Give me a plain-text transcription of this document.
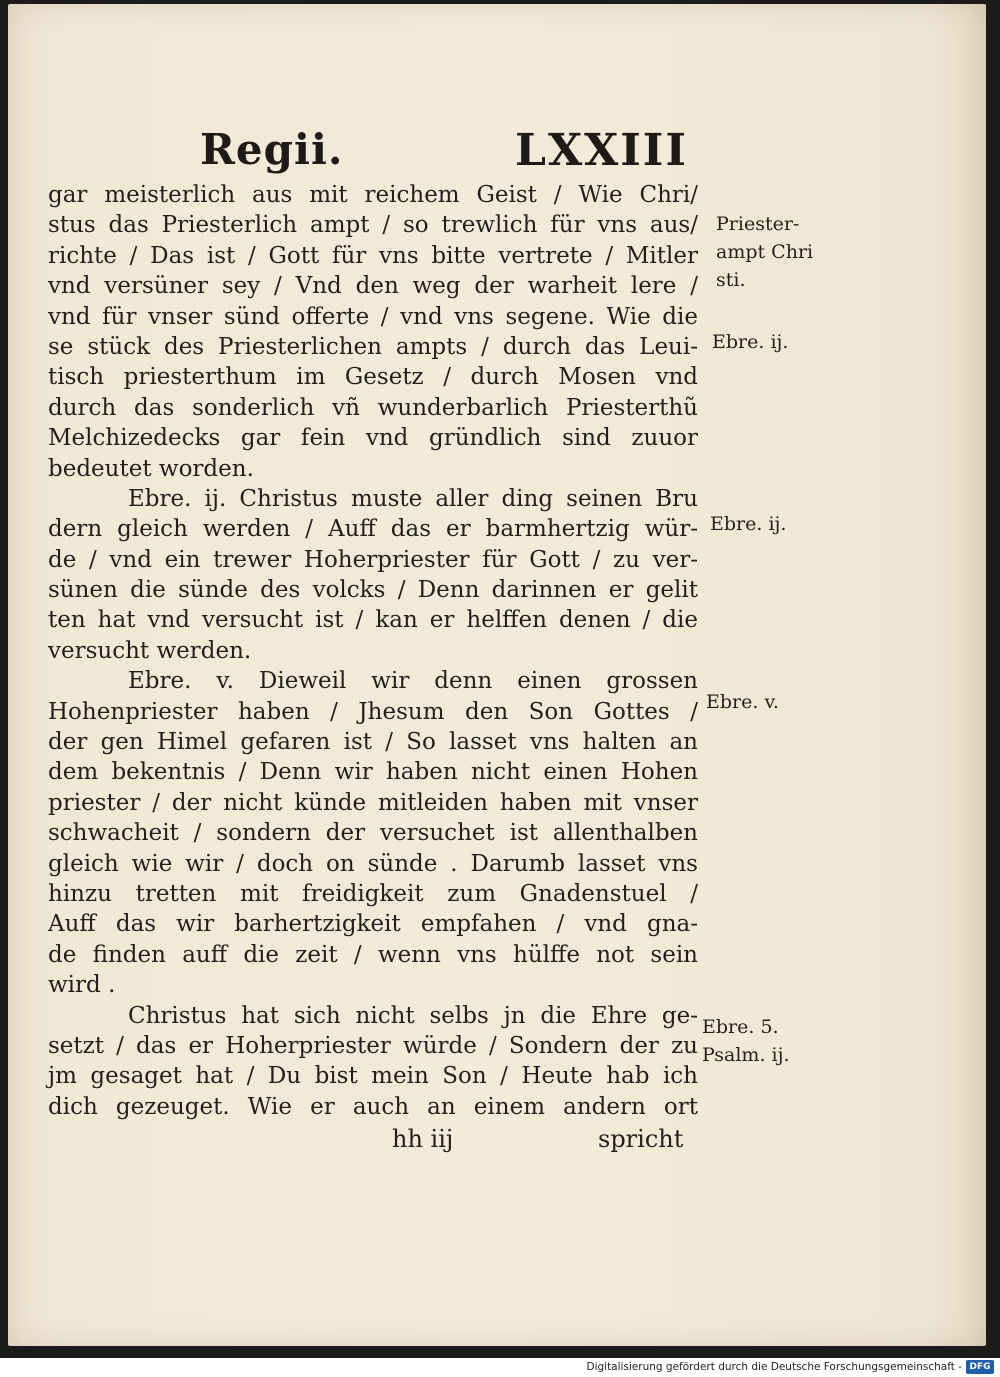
Regii.	LXXIII
gar meisterlich aus mit reichem Geist / Wie Chri/
stus das Priesterlich ampt / so trewlich für vns aus/
richte / Das ist / Gott für vns bitte vertrete / Mitler
vnd versüner sey / Vnd den weg der warheit lere /
vnd für vnser sünd offerte / vnd vns segene. Wie die
se stück des Priesterlichen ampts / durch das Leui-
tisch priesterthum im Gesetz / durch Mosen vnd
durch das sonderlich vñ wunderbarlich Priesterthũ
Melchizedecks gar fein vnd gründlich sind zuuor
bedeutet worden.
Ebre. ij. Christus muste aller ding seinen Bru
dern gleich werden / Auff das er barmhertzig wür-
de / vnd ein trewer Hoherpriester für Gott / zu ver-
sünen die sünde des volcks / Denn darinnen er gelit
ten hat vnd versucht ist / kan er helffen denen / die
versucht werden.
Ebre. v. Dieweil wir denn einen grossen
Hohenpriester haben / Jhesum den Son Gottes /
der gen Himel gefaren ist / So lasset vns halten an
dem bekentnis / Denn wir haben nicht einen Hohen
priester / der nicht künde mitleiden haben mit vnser
schwacheit / sondern der versuchet ist allenthalben
gleich wie wir / doch on sünde . Darumb lasset vns
hinzu tretten mit freidigkeit zum Gnadenstuel /
Auff das wir barhertzigkeit empfahen / vnd gna-
de finden auff die zeit / wenn vns hülffe not sein
wird .
Christus hat sich nicht selbs jn die Ehre ge-
setzt / das er Hoherpriester würde / Sondern der zu
jm gesaget hat / Du bist mein Son / Heute hab ich
dich gezeuget. Wie er auch an einem andern ort
Priester-
ampt Chri
sti.
Ebre. ij.
Ebre. ij.
Ebre. v.
Ebre. 5.
Psalm. ij.
hh iij	spricht
Digitalisierung gefördert durch die Deutsche Forschungsgemeinschaft - DFG
